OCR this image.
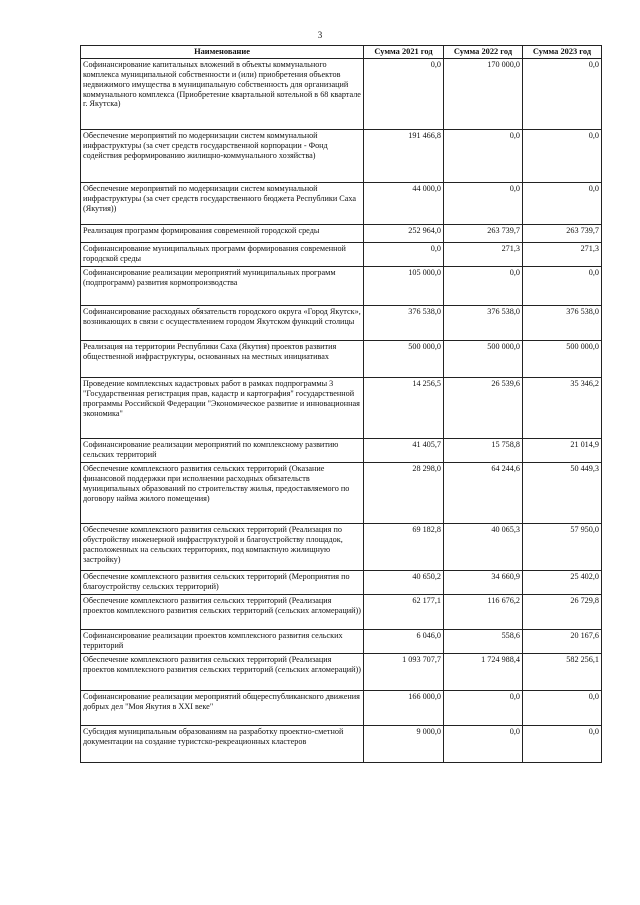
3
Наименование	Сумма 2021 год	Сумма 2022 год	Сумма 2023 год
Софинансирование капитальных вложений в объекты коммунального комплекса муниципальной собственности и (или) приобретения объектов недвижимого имущества в муниципальную собственность для организаций коммунального комплекса (Приобретение квартальной котельной в 68 квартале г. Якутска)	0,0	170 000,0	0,0
Обеспечение мероприятий по модернизации систем коммунальной инфраструктуры (за счет средств государственной корпорации - Фонд содействия реформированию жилищно-коммунального хозяйства)	191 466,8	0,0	0,0
Обеспечение мероприятий по модернизации систем коммунальной инфраструктуры (за счет средств государственного бюджета Республики Саха (Якутия))	44 000,0	0,0	0,0
Реализация программ формирования современной городской среды	252 964,0	263 739,7	263 739,7
Софинансирование муниципальных программ формирования современной городской среды	0,0	271,3	271,3
Софинансирование реализации мероприятий муниципальных программ (подпрограмм) развития кормопроизводства	105 000,0	0,0	0,0
Софинансирование расходных обязательств городского округа «Город Якутск», возникающих в связи с осуществлением городом Якутском функций столицы	376 538,0	376 538,0	376 538,0
Реализация на территории Республики Саха (Якутия) проектов развития общественной инфраструктуры, основанных на местных инициативах	500 000,0	500 000,0	500 000,0
Проведение комплексных кадастровых работ в рамках подпрограммы 3 "Государственная регистрация прав, кадастр и картография" государственной программы Российской Федерации "Экономическое развитие и инновационная экономика"	14 256,5	26 539,6	35 346,2
Софинансирование реализации мероприятий по комплексному развитию сельских территорий	41 405,7	15 758,8	21 014,9
Обеспечение комплексного развития сельских территорий (Оказание финансовой поддержки при исполнении расходных обязательств муниципальных образований по строительству жилья, предоставляемого по договору найма жилого помещения)	28 298,0	64 244,6	50 449,3
Обеспечение комплексного развития сельских территорий (Реализация по обустройству инженерной инфраструктурой и благоустройству площадок, расположенных на сельских территориях, под компактную жилищную застройку)	69 182,8	40 065,3	57 950,0
Обеспечение комплексного развития сельских территорий (Мероприятия по благоустройству сельских территорий)	40 650,2	34 660,9	25 402,0
Обеспечение комплексного развития сельских территорий (Реализация проектов комплексного развития сельских территорий (сельских агломераций))	62 177,1	116 676,2	26 729,8
Софинансирование реализации проектов комплексного развития сельских территорий	6 046,0	558,6	20 167,6
Обеспечение комплексного развития сельских территорий (Реализация проектов комплексного развития сельских территорий (сельских агломераций))	1 093 707,7	1 724 988,4	582 256,1
Софинансирование реализации мероприятий общереспубликанского движения добрых дел "Моя Якутия в XXI веке"	166 000,0	0,0	0,0
Субсидия муниципальным образованиям на разработку проектно-сметной документации на создание туристско-рекреационных кластеров	9 000,0	0,0	0,0
